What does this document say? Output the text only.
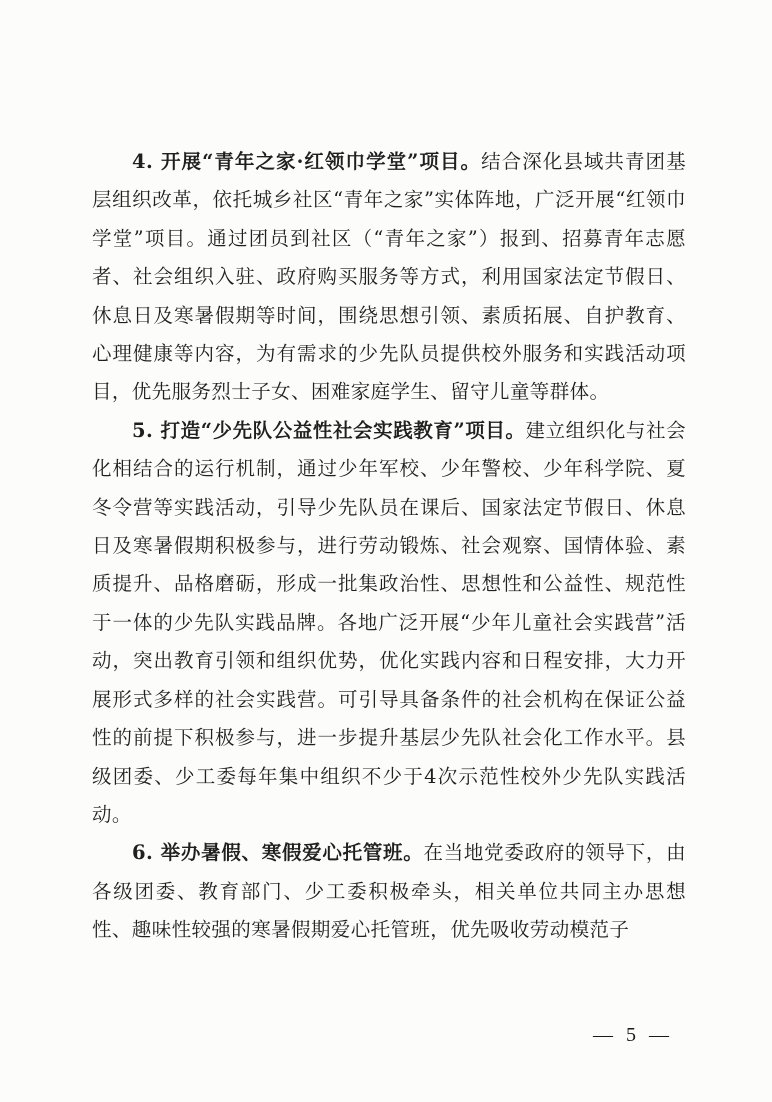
4. 开展“青年之家·红领巾学堂”项目。结合深化县域共青团基层组织改革，依托城乡社区“青年之家”实体阵地，广泛开展“红领巾学堂”项目。通过团员到社区（“青年之家”）报到、招募青年志愿者、社会组织入驻、政府购买服务等方式，利用国家法定节假日、休息日及寒暑假期等时间，围绕思想引领、素质拓展、自护教育、心理健康等内容，为有需求的少先队员提供校外服务和实践活动项目，优先服务烈士子女、困难家庭学生、留守儿童等群体。

5. 打造“少先队公益性社会实践教育”项目。建立组织化与社会化相结合的运行机制，通过少年军校、少年警校、少年科学院、夏冬令营等实践活动，引导少先队员在课后、国家法定节假日、休息日及寒暑假期积极参与，进行劳动锻炼、社会观察、国情体验、素质提升、品格磨砺，形成一批集政治性、思想性和公益性、规范性于一体的少先队实践品牌。各地广泛开展“少年儿童社会实践营”活动，突出教育引领和组织优势，优化实践内容和日程安排，大力开展形式多样的社会实践营。可引导具备条件的社会机构在保证公益性的前提下积极参与，进一步提升基层少先队社会化工作水平。县级团委、少工委每年集中组织不少于4次示范性校外少先队实践活动。

6. 举办暑假、寒假爱心托管班。在当地党委政府的领导下，由各级团委、教育部门、少工委积极牵头，相关单位共同主办思想性、趣味性较强的寒暑假期爱心托管班，优先吸收劳动模范子

— 5 —
